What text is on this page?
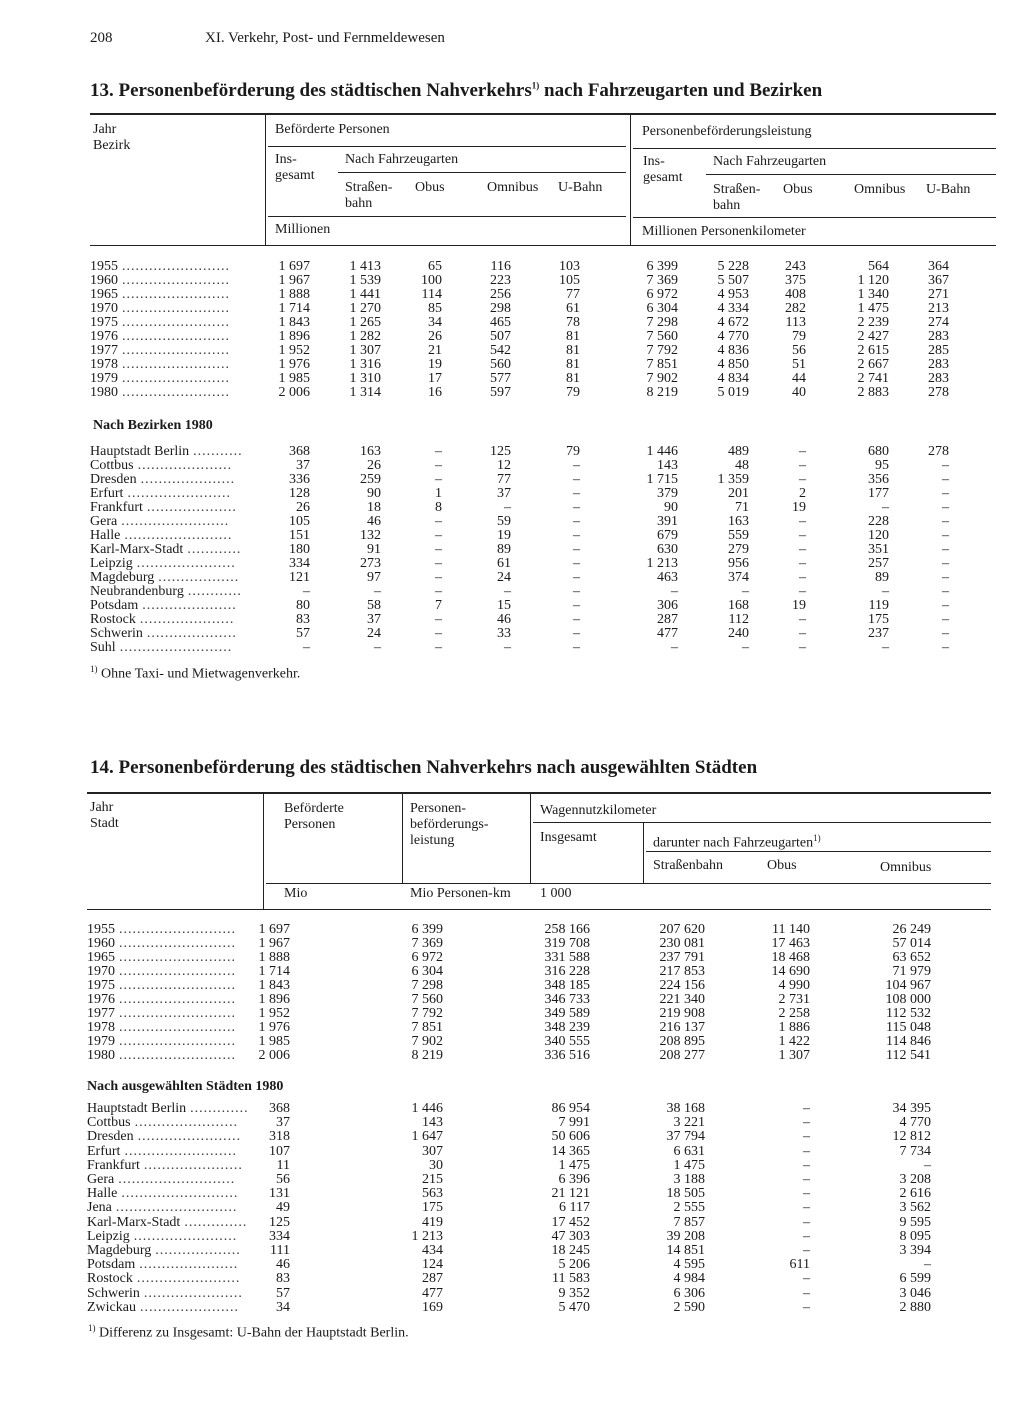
208	XI. Verkehr, Post- und Fernmeldewesen
13. Personenbeförderung des städtischen Nahverkehrs$^{1)}$ nach Fahrzeugarten und Bezirken
Jahr
Bezirk
Beförderte Personen	Personenbeförderungsleistung
Ins-
gesamt
Nach Fahrzeugarten
Straßen-
bahn
Obus	Omnibus U-Bahn
Ins-
gesamt
Nach Fahrzeugarten
Straßen-
bahn
Obus	Omnibus U-Bahn
Millionen	Millionen Personenkilometer
1955 ........................	1 697	1 413	65	116	103	6 399	5 228	243	564	364
1960 ........................	1 967	1 539	100	223	105	7 369	5 507	375	1 120	367
1965 ........................	1 888	1 441	114	256	77	6 972	4 953	408	1 340	271
1970 ........................	1 714	1 270	85	298	61	6 304	4 334	282	1 475	213
1975 ........................	1 843	1 265	34	465	78	7 298	4 672	113	2 239	274
1976 ........................	1 896	1 282	26	507	81	7 560	4 770	79	2 427	283
1977 ........................	1 952	1 307	21	542	81	7 792	4 836	56	2 615	285
1978 ........................	1 976	1 316	19	560	81	7 851	4 850	51	2 667	283
1979 ........................	1 985	1 310	17	577	81	7 902	4 834	44	2 741	283
1980 ........................	2 006	1 314	16	597	79	8 219	5 019	40	2 883	278
Nach Bezirken 1980
Hauptstadt Berlin ...........	368	163	–	125	79	1 446	489	–	680	278
Cottbus .....................	37	26	–	12	–	143	48	–	95	–
Dresden .....................	336	259	–	77	–	1 715	1 359	–	356	–
Erfurt .......................	128	90	1	37	–	379	201	2	177	–
Frankfurt ....................	26	18	8	–	–	90	71	19	–	–
Gera ........................	105	46	–	59	–	391	163	–	228	–
Halle ........................	151	132	–	19	–	679	559	–	120	–
Karl-Marx-Stadt ............	180	91	–	89	–	630	279	–	351	–
Leipzig ......................	334	273	–	61	–	1 213	956	–	257	–
Magdeburg ..................	121	97	–	24	–	463	374	–	89	–
Neubrandenburg ............	–	–	–	–	–	–	–	–	–	–
Potsdam .....................	80	58	7	15	–	306	168	19	119	–
Rostock .....................	83	37	–	46	–	287	112	–	175	–
Schwerin ....................	57	24	–	33	–	477	240	–	237	–
Suhl .........................	–	–	–	–	–	–	–	–	–	–
$^{1)}$ Ohne Taxi- und Mietwagenverkehr.
14. Personenbeförderung des städtischen Nahverkehrs nach ausgewählten Städten
Jahr
Stadt
Beförderte
Personen
Personen-
beförderungs-
leistung
Wagennutzkilometer
Insgesamt	darunter nach Fahrzeugarten$^{1)}$
Straßenbahn	Obus	Omnibus
Mio	Mio Personen-km 1 000
1955 .......................... 1 697	6 399	258 166	207 620	11 140	26 249
1960 .......................... 1 967	7 369	319 708	230 081	17 463	57 014
1965 .......................... 1 888	6 972	331 588	237 791	18 468	63 652
1970 .......................... 1 714	6 304	316 228	217 853	14 690	71 979
1975 .......................... 1 843	7 298	348 185	224 156	4 990	104 967
1976 .......................... 1 896	7 560	346 733	221 340	2 731	108 000
1977 .......................... 1 952	7 792	349 589	219 908	2 258	112 532
1978 .......................... 1 976	7 851	348 239	216 137	1 886	115 048
1979 .......................... 1 985	7 902	340 555	208 895	1 422	114 846
1980 .......................... 2 006	8 219	336 516	208 277	1 307	112 541
Nach ausgewählten Städten 1980
Hauptstadt Berlin ............. 368	1 446	86 954	38 168	–	34 395
Cottbus .......................	37	143	7 991	3 221	–	4 770
Dresden ....................... 318	1 647	50 606	37 794	–	12 812
Erfurt ......................... 107	307	14 365	6 631	–	7 734
Frankfurt ...................... 11	30	1 475	1 475	–	–
Gera ..........................	56	215	6 396	3 188	–	3 208
Halle .......................... 131	563	21 121	18 505	–	2 616
Jena ...........................	49	175	6 117	2 555	–	3 562
Karl-Marx-Stadt .............. 125	419	17 452	7 857	–	9 595
Leipzig ....................... 334	1 213	47 303	39 208	–	8 095
Magdeburg ................... 111	434	18 245	14 851	–	3 394
Potsdam ......................	46	124	5 206	4 595	611	–
Rostock .......................	83	287	11 583	4 984	–	6 599
Schwerin ...................... 57	477	9 352	6 306	–	3 046
Zwickau ......................	34	169	5 470	2 590	–	2 880
$^{1)}$ Differenz zu Insgesamt: U-Bahn der Hauptstadt Berlin.
